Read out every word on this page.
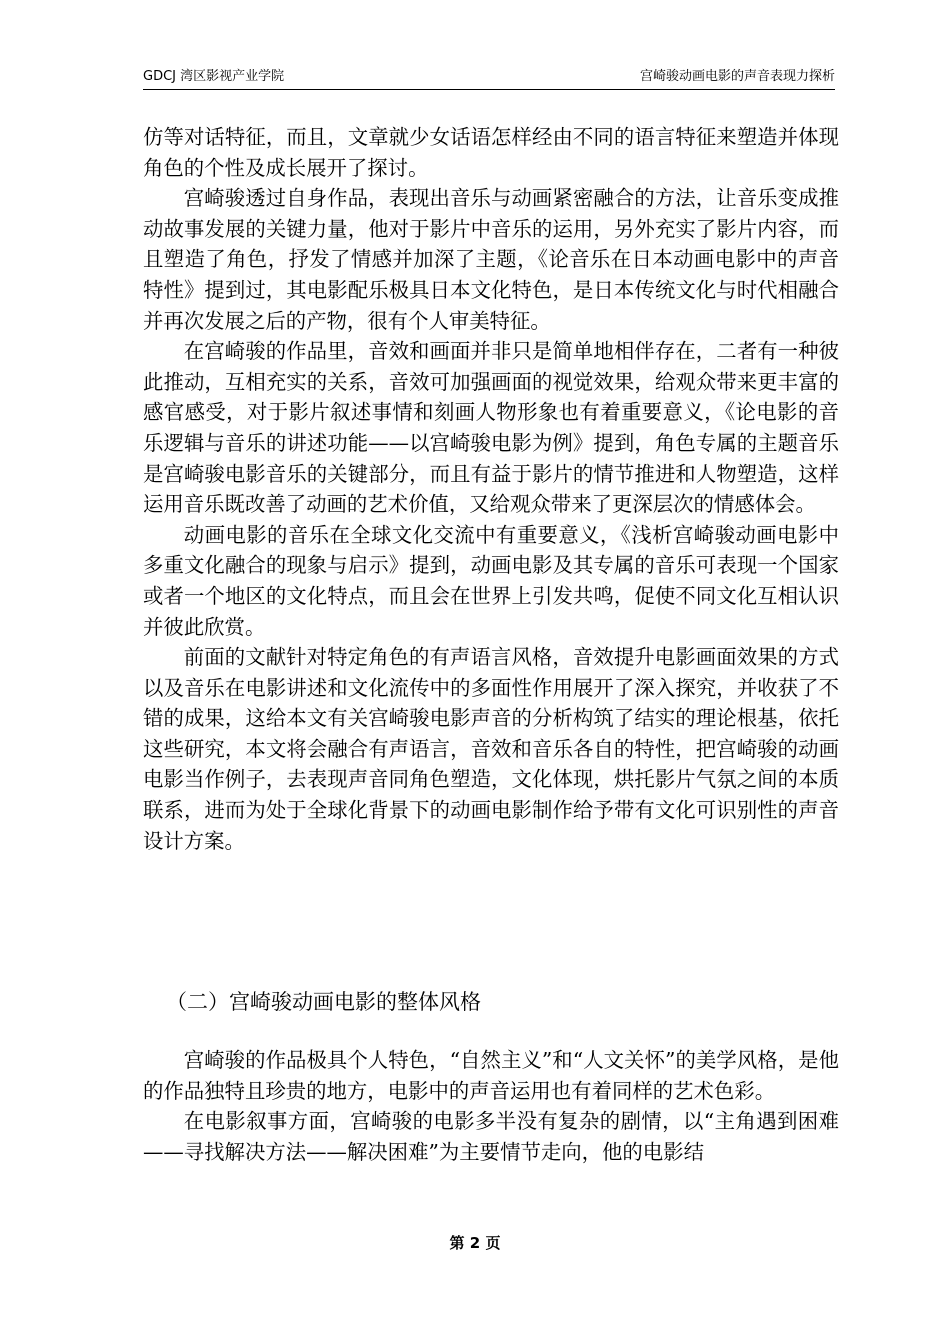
GDCJ 湾区影视产业学院	宫崎骏动画电影的声音表现力探析

仿等对话特征，而且，文章就少女话语怎样经由不同的语言特征来塑造并体现角色的个性及成长展开了探讨。

宫崎骏透过自身作品，表现出音乐与动画紧密融合的方法，让音乐变成推动故事发展的关键力量，他对于影片中音乐的运用，另外充实了影片内容，而且塑造了角色，抒发了情感并加深了主题，《论音乐在日本动画电影中的声音特性》提到过，其电影配乐极具日本文化特色，是日本传统文化与时代相融合并再次发展之后的产物，很有个人审美特征。

在宫崎骏的作品里，音效和画面并非只是简单地相伴存在，二者有一种彼此推动，互相充实的关系，音效可加强画面的视觉效果，给观众带来更丰富的感官感受，对于影片叙述事情和刻画人物形象也有着重要意义，《论电影的音乐逻辑与音乐的讲述功能——以宫崎骏电影为例》提到，角色专属的主题音乐是宫崎骏电影音乐的关键部分，而且有益于影片的情节推进和人物塑造，这样运用音乐既改善了动画的艺术价值，又给观众带来了更深层次的情感体会。

动画电影的音乐在全球文化交流中有重要意义，《浅析宫崎骏动画电影中多重文化融合的现象与启示》提到，动画电影及其专属的音乐可表现一个国家或者一个地区的文化特点，而且会在世界上引发共鸣，促使不同文化互相认识并彼此欣赏。

前面的文献针对特定角色的有声语言风格，音效提升电影画面效果的方式以及音乐在电影讲述和文化流传中的多面性作用展开了深入探究，并收获了不错的成果，这给本文有关宫崎骏电影声音的分析构筑了结实的理论根基，依托这些研究，本文将会融合有声语言，音效和音乐各自的特性，把宫崎骏的动画电影当作例子，去表现声音同角色塑造，文化体现，烘托影片气氛之间的本质联系，进而为处于全球化背景下的动画电影制作给予带有文化可识别性的声音设计方案。

（二）宫崎骏动画电影的整体风格

宫崎骏的作品极具个人特色，“自然主义”和“人文关怀”的美学风格，是他的作品独特且珍贵的地方，电影中的声音运用也有着同样的艺术色彩。

在电影叙事方面，宫崎骏的电影多半没有复杂的剧情，以“主角遇到困难——寻找解决方法——解决困难”为主要情节走向，他的电影结

第 2 页
